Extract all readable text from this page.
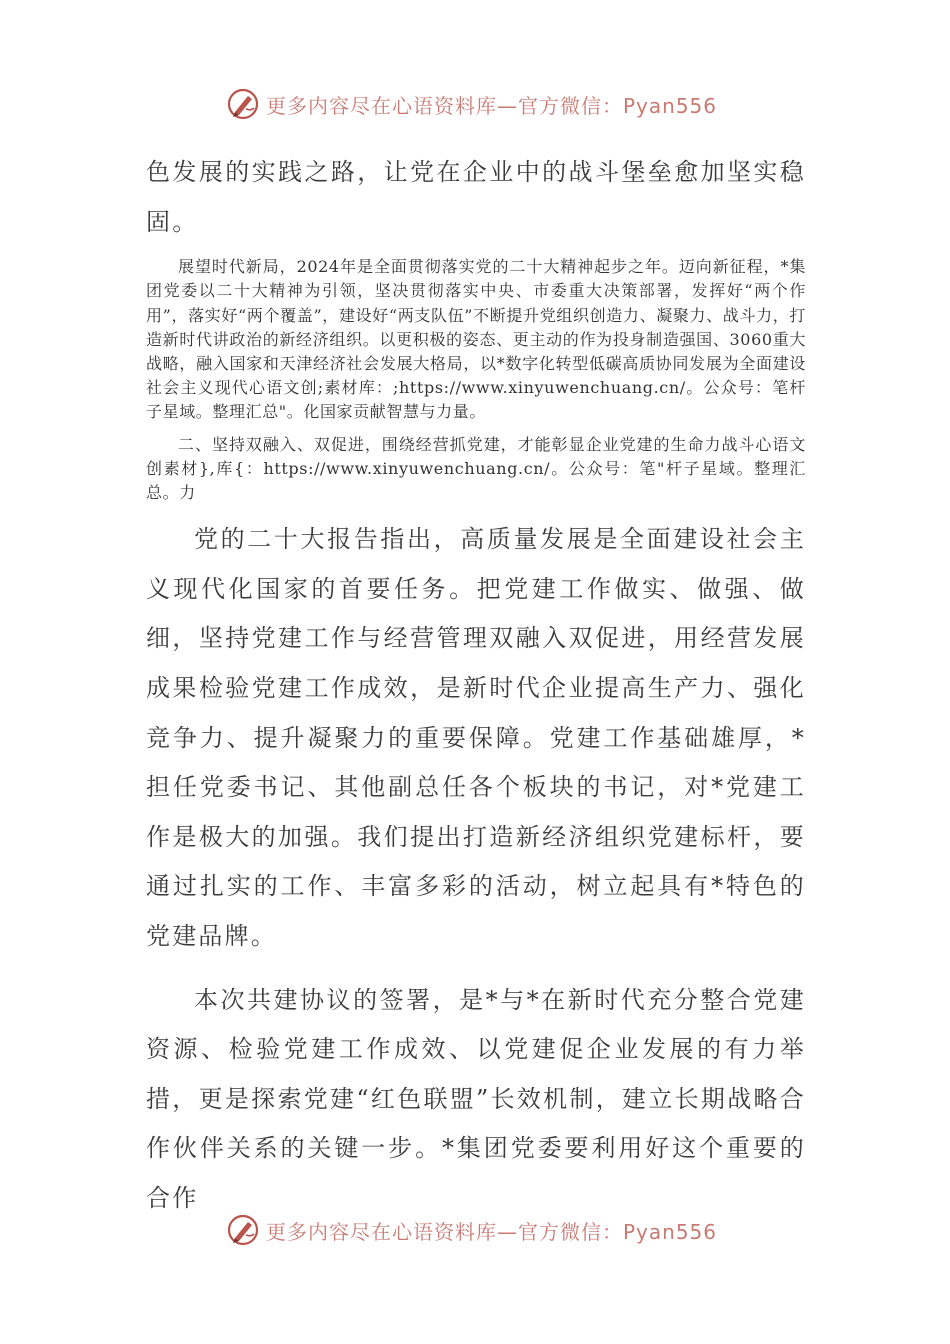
更多内容尽在心语资料库—官方微信：Pyan556

色发展的实践之路，让党在企业中的战斗堡垒愈加坚实稳固。

展望时代新局，2024年是全面贯彻落实党的二十大精神起步之年。迈向新征程，*集团党委以二十大精神为引领，坚决贯彻落实中央、市委重大决策部署，发挥好“两个作用”，落实好“两个覆盖”，建设好“两支队伍”不断提升党组织创造力、凝聚力、战斗力，打造新时代讲政治的新经济组织。以更积极的姿态、更主动的作为投身制造强国、3060重大战略，融入国家和天津经济社会发展大格局，以*数字化转型低碳高质协同发展为全面建设社会主义现代心语文创;素材库：;https://www.xinyuwenchuang.cn/。公众号：笔杆子星域。整理汇总"。化国家贡献智慧与力量。

二、坚持双融入、双促进，围绕经营抓党建，才能彰显企业党建的生命力战斗心语文创素材},库{：https://www.xinyuwenchuang.cn/。公众号：笔"杆子星域。整理汇总。力

党的二十大报告指出，高质量发展是全面建设社会主义现代化国家的首要任务。把党建工作做实、做强、做细，坚持党建工作与经营管理双融入双促进，用经营发展成果检验党建工作成效，是新时代企业提高生产力、强化竞争力、提升凝聚力的重要保障。党建工作基础雄厚，*担任党委书记、其他副总任各个板块的书记，对*党建工作是极大的加强。我们提出打造新经济组织党建标杆，要通过扎实的工作、丰富多彩的活动，树立起具有*特色的党建品牌。

本次共建协议的签署，是*与*在新时代充分整合党建资源、检验党建工作成效、以党建促企业发展的有力举措，更是探索党建“红色联盟”长效机制，建立长期战略合作伙伴关系的关键一步。*集团党委要利用好这个重要的合作

更多内容尽在心语资料库—官方微信：Pyan556
